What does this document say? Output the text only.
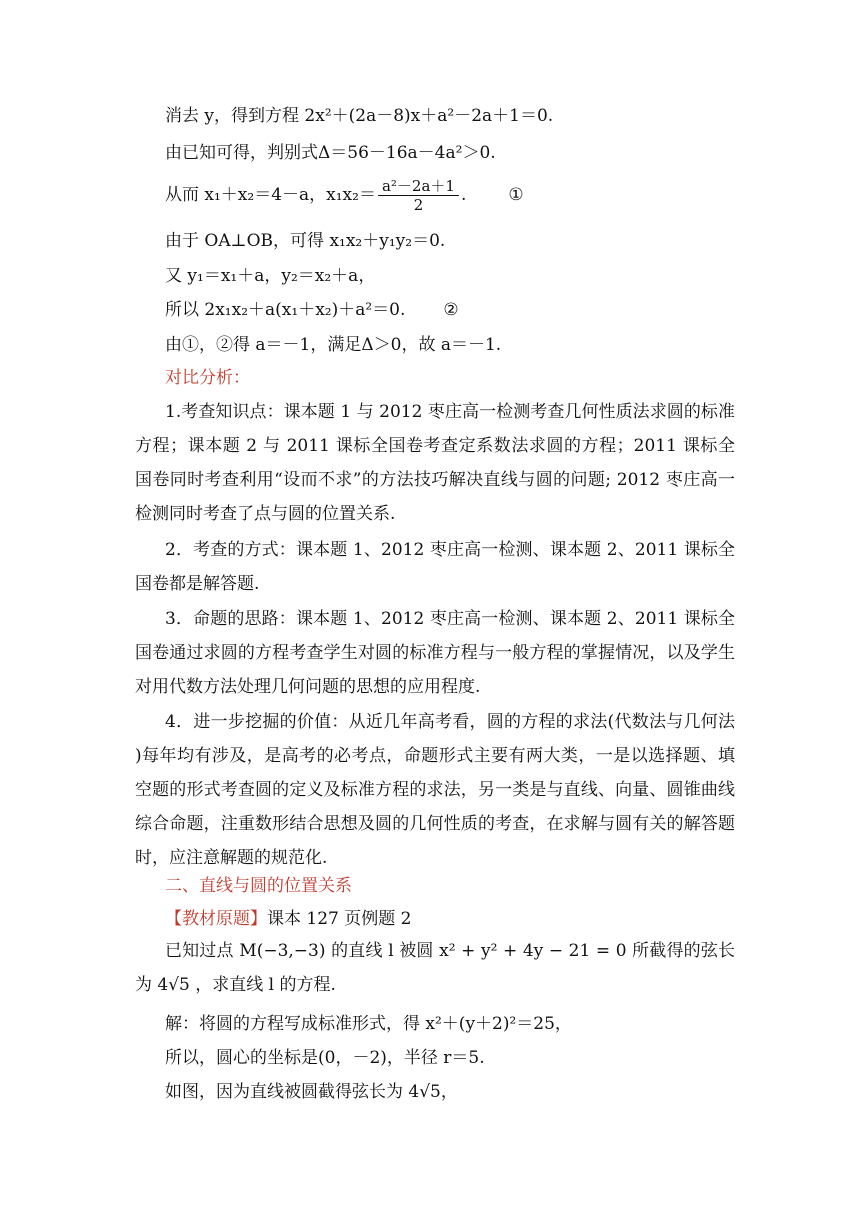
消去 y，得到方程 2x²＋(2a－8)x＋a²－2a＋1＝0.
由已知可得，判别式Δ＝56－16a－4a²＞0.
从而 x₁＋x₂＝4－a，$x_1x_2= \frac{\text{a²－2a＋1}}{2}$ . ①
由于 OA⊥OB，可得 x₁x₂＋y₁y₂＝0.
又 y₁＝x₁＋a，y₂＝x₂＋a，
所以 2x₁x₂＋a(x₁＋x₂)＋a²＝0. ②
由①，②得 a＝－1，满足Δ＞0，故 a＝－1.
对比分析：
1.考查知识点：课本题 1 与 2012 枣庄高一检测考查几何性质法求圆的标准方程；课本题 2 与 2011 课标全国卷考查定系数法求圆的方程；2011 课标全国卷同时考查利用“设而不求”的方法技巧解决直线与圆的问题; 2012 枣庄高一检测同时考查了点与圆的位置关系.
2．考查的方式：课本题 1、2012 枣庄高一检测、课本题 2、2011 课标全国卷都是解答题.
3．命题的思路：课本题 1、2012 枣庄高一检测、课本题 2、2011 课标全国卷通过求圆的方程考查学生对圆的标准方程与一般方程的掌握情况，以及学生对用代数方法处理几何问题的思想的应用程度.
4．进一步挖掘的价值：从近几年高考看，圆的方程的求法(代数法与几何法 )每年均有涉及，是高考的必考点，命题形式主要有两大类，一是以选择题、填空题的形式考查圆的定义及标准方程的求法，另一类是与直线、向量、圆锥曲线综合命题，注重数形结合思想及圆的几何性质的考查，在求解与圆有关的解答题时，应注意解题的规范化.
二、直线与圆的位置关系
【教材原题】课本 127 页例题 2
已知过点 M(−3,−3) 的直线 l 被圆 x² + y² + 4y − 21 = 0 所截得的弦长为 4√5 ，求直线 l 的方程.
解：将圆的方程写成标准形式，得 x²＋(y＋2)²＝25，
所以，圆心的坐标是(0，－2)，半径 r＝5.
如图，因为直线被圆截得弦长为 4√5，
